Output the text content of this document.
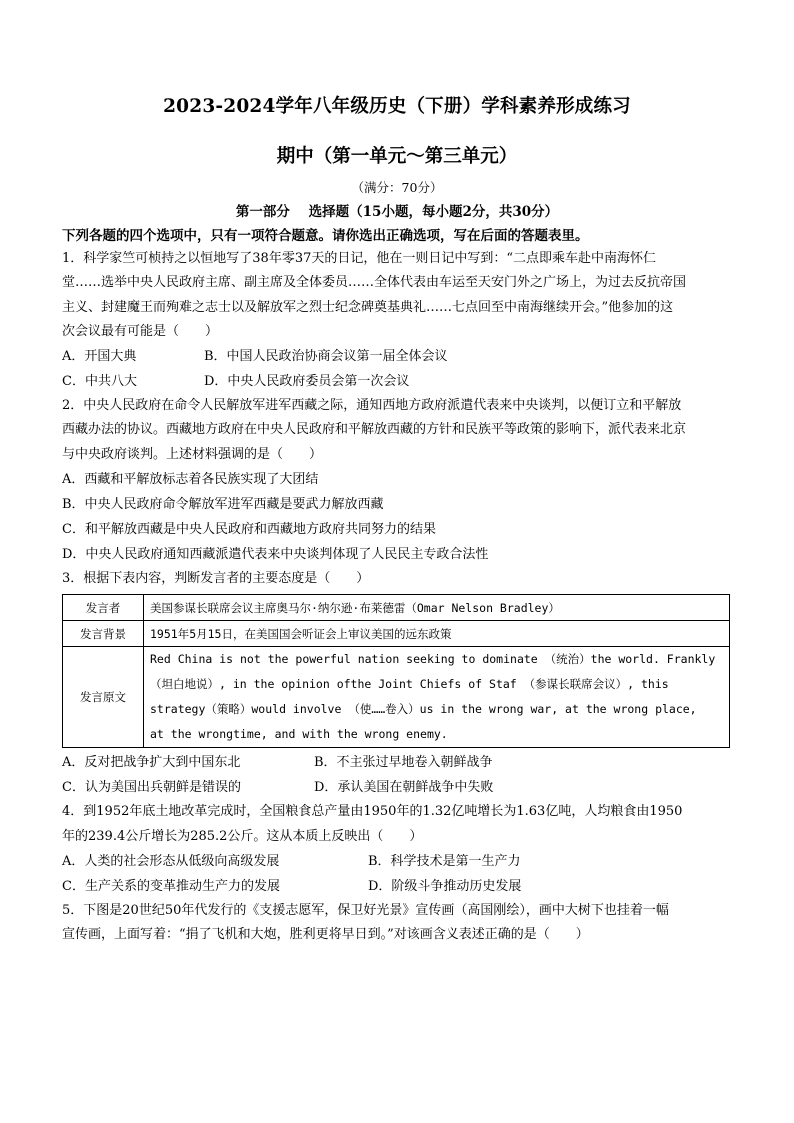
2023-2024学年八年级历史（下册）学科素养形成练习
期中（第一单元～第三单元）
（满分：70分）
第一部分    选择题（15小题，每小题2分，共30分）
下列各题的四个选项中，只有一项符合题意。请你选出正确选项，写在后面的答题表里。

1．科学家竺可桢持之以恒地写了38年零37天的日记，他在一则日记中写到：“二点即乘车赴中南海怀仁

堂……选举中央人民政府主席、副主席及全体委员……全体代表由车运至天安门外之广场上，为过去反抗帝国

主义、封建魔王而殉难之志士以及解放军之烈士纪念碑奠基典礼……七点回至中南海继续开会。”他参加的这

次会议最有可能是（　　）

A．开国大典	B．中国人民政治协商会议第一届全体会议
C．中共八大	D．中央人民政府委员会第一次会议

2．中央人民政府在命令人民解放军进军西藏之际，通知西地方政府派遣代表来中央谈判，以便订立和平解放

西藏办法的协议。西藏地方政府在中央人民政府和平解放西藏的方针和民族平等政策的影响下，派代表来北京

与中央政府谈判。上述材料强调的是（　　）

A．西藏和平解放标志着各民族实现了大团结

B．中央人民政府命令解放军进军西藏是要武力解放西藏

C．和平解放西藏是中央人民政府和西藏地方政府共同努力的结果

D．中央人民政府通知西藏派遣代表来中央谈判体现了人民民主专政合法性

3．根据下表内容，判断发言者的主要态度是（　　）

发言者	美国参谋长联席会议主席奥马尔·纳尔逊·布莱德雷（Omar Nelson Bradley）
发言背景	1951年5月15日，在美国国会听证会上审议美国的远东政策
发言原文	Red China is not the powerful nation seeking to dominate （统治）the world. Frankly
（坦白地说）, in the opinion ofthe Joint Chiefs of Staf （参谋长联席会议）, this
strategy（策略）would involve （使……卷入）us in the wrong war, at the wrong place,
at the wrongtime, and with the wrong enemy.
A．反对把战争扩大到中国东北	B．不主张过早地卷入朝鲜战争
C．认为美国出兵朝鲜是错误的	D．承认美国在朝鲜战争中失败

4．到1952年底土地改革完成时，全国粮食总产量由1950年的1.32亿吨增长为1.63亿吨，人均粮食由1950

年的239.4公斤增长为285.2公斤。这从本质上反映出（　　）

A．人类的社会形态从低级向高级发展	B．科学技术是第一生产力
C．生产关系的变革推动生产力的发展	D．阶级斗争推动历史发展

5．下图是20世纪50年代发行的《支援志愿军，保卫好光景》宣传画（高国刚绘），画中大树下也挂着一幅

宣传画，上面写着：“捐了飞机和大炮，胜利更将早日到。”对该画含义表述正确的是（　　）
